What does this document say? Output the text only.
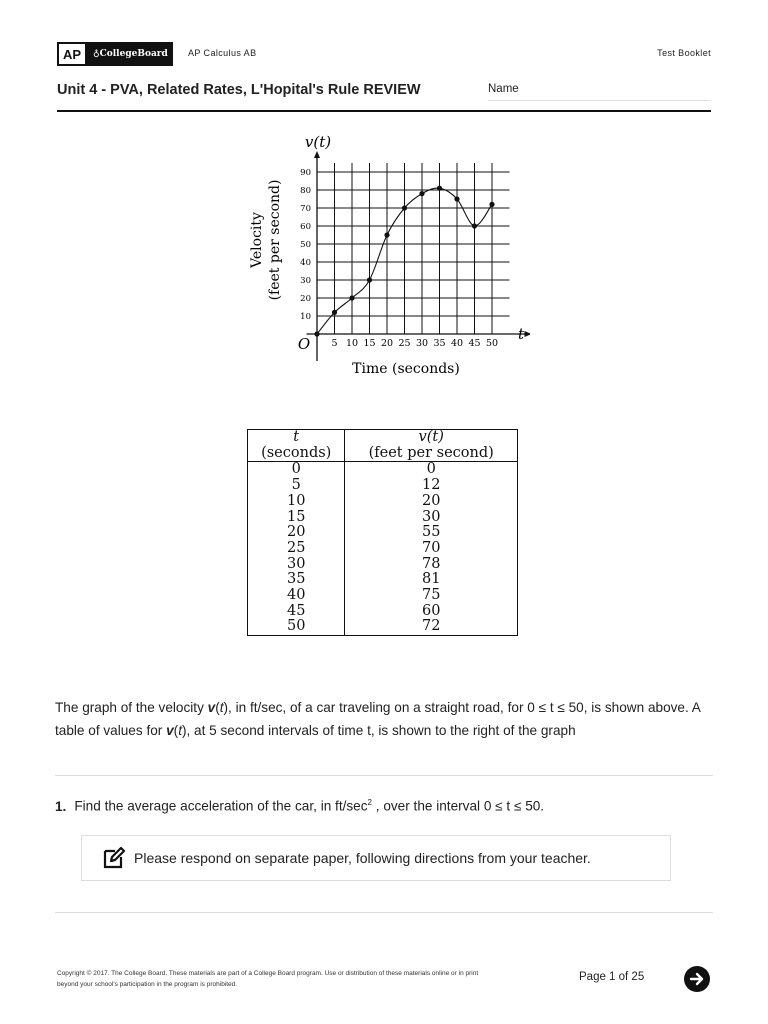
AP	♁CollegeBoard AP Calculus AB	Test Booklet
Unit 4 - PVA, Related Rates, L'Hopital's Rule REVIEW	Name
5 10 15 20 25 30 35 40 45 50
10
20
30
40
50
60
70
80
90
v(t)
O
t
Time (seconds)
Velocity (feet per second)
t	v(t)
(seconds)	(feet per second)
0	0
5	12
10	20
15	30
20	55
25	70
30	78
35	81
40	75
45	60
50	72
The graph of the velocity v(t), in ft/sec, of a car traveling on a straight road, for 0 ≤ t ≤ 50, is shown above. A table of values for v(t), at 5 second intervals of time t, is shown to the right of the graph
1. Find the average acceleration of the car, in $ft/\sec^2$ , over the interval 0 ≤ t ≤ 50.
Please respond on separate paper, following directions from your teacher.
Copyright © 2017. The College Board. These materials are part of a College Board program. Use or distribution of these materials online or in print
beyond your school's participation in the program is prohibited.
Page 1 of 25
